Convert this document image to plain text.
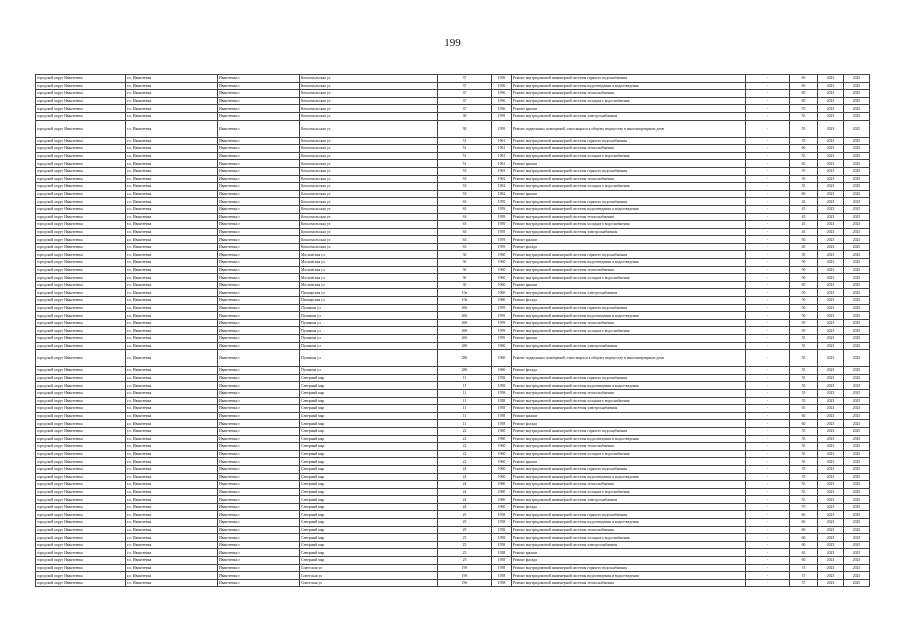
199
городской округ Ивантеевка	г.о. Ивантеевка	Ивантеевка г	Комсомольская ул	37	1956	Ремонт внутридомовой инженерной системы горячего водоснабжения	-	65	2023	2025
городской округ Ивантеевка	г.о. Ивантеевка	Ивантеевка г	Комсомольская ул	37	1956	Ремонт внутридомовой инженерной системы водоотведения и водоотведения	-	65	2023	2025
городской округ Ивантеевка	г.о. Ивантеевка	Ивантеевка г	Комсомольская ул	37	1956	Ремонт внутридомовой инженерной системы теплоснабжения	-	65	2023	2025
городской округ Ивантеевка	г.о. Ивантеевка	Ивантеевка г	Комсомольская ул	37	1956	Ремонт внутридомовой инженерной системы холодного водоснабжения	-	65	2023	2025
городской округ Ивантеевка	г.о. Ивантеевка	Ивантеевка г	Комсомольская ул	37	1956	Ремонт крыши	-	70	2023	2025
городской округ Ивантеевка	г.о. Ивантеевка	Ивантеевка г	Комсомольская ул	38	1959	Ремонт внутридомовой инженерной системы электроснабжения	-	55	2023	2025
городской округ Ивантеевка	г.о. Ивантеевка	Ивантеевка г	Комсомольская ул	38	1959	Ремонт подвальных помещений, относящихся к общему имуществу в многоквартирном доме	-	55	2023	2025
городской округ Ивантеевка	г.о. Ивантеевка	Ивантеевка г	Комсомольская ул	51	1961	Ремонт внутридомовой инженерной системы горячего водоснабжения	-	55	2023	2025
городской округ Ивантеевка	г.о. Ивантеевка	Ивантеевка г	Комсомольская ул	51	1961	Ремонт внутридомовой инженерной системы теплоснабжения	-	60	2023	2025
городской округ Ивантеевка	г.о. Ивантеевка	Ивантеевка г	Комсомольская ул	51	1961	Ремонт внутридомовой инженерной системы холодного водоснабжения	-	55	2023	2025
городской округ Ивантеевка	г.о. Ивантеевка	Ивантеевка г	Комсомольская ул	51	1961	Ремонт крыши	-	65	2023	2025
городской округ Ивантеевка	г.о. Ивантеевка	Ивантеевка г	Комсомольская ул	53	1962	Ремонт внутридомовой инженерной системы горячего водоснабжения	-	55	2023	2025
городской округ Ивантеевка	г.о. Ивантеевка	Ивантеевка г	Комсомольская ул	53	1962	Ремонт внутридомовой инженерной системы теплоснабжения	-	55	2023	2025
городской округ Ивантеевка	г.о. Ивантеевка	Ивантеевка г	Комсомольская ул	53	1962	Ремонт внутридомовой инженерной системы холодного водоснабжения	-	55	2023	2025
городской округ Ивантеевка	г.о. Ивантеевка	Ивантеевка г	Комсомольская ул	53	1962	Ремонт крыши	-	60	2023	2025
городской округ Ивантеевка	г.о. Ивантеевка	Ивантеевка г	Комсомольская ул	63	1959	Ремонт внутридомовой инженерной системы горячего водоснабжения	-	45	2023	2025
городской округ Ивантеевка	г.о. Ивантеевка	Ивантеевка г	Комсомольская ул	63	1959	Ремонт внутридомовой инженерной системы водоотведения и водоотведения	-	45	2023	2025
городской округ Ивантеевка	г.о. Ивантеевка	Ивантеевка г	Комсомольская ул	63	1959	Ремонт внутридомовой инженерной системы теплоснабжения	-	45	2023	2025
городской округ Ивантеевка	г.о. Ивантеевка	Ивантеевка г	Комсомольская ул	63	1959	Ремонт внутридомовой инженерной системы холодного водоснабжения	-	45	2023	2025
городской округ Ивантеевка	г.о. Ивантеевка	Ивантеевка г	Комсомольская ул	63	1959	Ремонт внутридомовой инженерной системы электроснабжения	-	45	2023	2025
городской округ Ивантеевка	г.о. Ивантеевка	Ивантеевка г	Комсомольская ул	63	1959	Ремонт крыши	-	50	2023	2025
городской округ Ивантеевка	г.о. Ивантеевка	Ивантеевка г	Комсомольская ул	63	1959	Ремонт фасада	-	65	2023	2025
городской округ Ивантеевка	г.о. Ивантеевка	Ивантеевка г	Московская ул	30	1960	Ремонт внутридомовой инженерной системы горячего водоснабжения	-	50	2023	2025
городской округ Ивантеевка	г.о. Ивантеевка	Ивантеевка г	Московская ул	30	1960	Ремонт внутридомовой инженерной системы водоотведения и водоотведения	-	50	2023	2025
городской округ Ивантеевка	г.о. Ивантеевка	Ивантеевка г	Московская ул	30	1960	Ремонт внутридомовой инженерной системы теплоснабжения	-	50	2023	2025
городской округ Ивантеевка	г.о. Ивантеевка	Ивантеевка г	Московская ул	30	1960	Ремонт внутридомовой инженерной системы холодного водоснабжения	-	50	2023	2025
городской округ Ивантеевка	г.о. Ивантеевка	Ивантеевка г	Московская ул	30	1960	Ремонт крыши	-	65	2023	2025
городской округ Ивантеевка	г.о. Ивантеевка	Ивантеевка г	Пионерская ул	10а	1960	Ремонт внутридомовой инженерной системы электроснабжения	-	50	2023	2025
городской округ Ивантеевка	г.о. Ивантеевка	Ивантеевка г	Пионерская ул	10а	1960	Ремонт фасада	-	50	2023	2025
городской округ Ивантеевка	г.о. Ивантеевка	Ивантеевка г	Пушкина ул	26б	1959	Ремонт внутридомовой инженерной системы горячего водоснабжения	-	50	2023	2025
городской округ Ивантеевка	г.о. Ивантеевка	Ивантеевка г	Пушкина ул	26б	1959	Ремонт внутридомовой инженерной системы водоотведения и водоотведения	-	50	2023	2025
городской округ Ивантеевка	г.о. Ивантеевка	Ивантеевка г	Пушкина ул	26б	1959	Ремонт внутридомовой инженерной системы теплоснабжения	-	50	2023	2025
городской округ Ивантеевка	г.о. Ивантеевка	Ивантеевка г	Пушкина ул	26б	1959	Ремонт внутридомовой инженерной системы холодного водоснабжения	-	50	2023	2025
городской округ Ивантеевка	г.о. Ивантеевка	Ивантеевка г	Пушкина ул	26б	1959	Ремонт крыши	-	55	2023	2025
городской округ Ивантеевка	г.о. Ивантеевка	Ивантеевка г	Пушкина ул	28б	1960	Ремонт внутридомовой инженерной системы электроснабжения	-	55	2023	2025
городской округ Ивантеевка	г.о. Ивантеевка	Ивантеевка г	Пушкина ул	28б	1960	Ремонт подвальных помещений, относящихся к общему имуществу в многоквартирном доме	-	55	2023	2025
городской округ Ивантеевка	г.о. Ивантеевка	Ивантеевка г	Пушкина ул	28б	1960	Ремонт фасада	-	55	2023	2025
городской округ Ивантеевка	г.о. Ивантеевка	Ивантеевка г	Северный мкр	11	1958	Ремонт внутридомовой инженерной системы горячего водоснабжения	-	55	2023	2025
городской округ Ивантеевка	г.о. Ивантеевка	Ивантеевка г	Северный мкр	11	1958	Ремонт внутридомовой инженерной системы водоотведения и водоотведения	-	55	2023	2025
городской округ Ивантеевка	г.о. Ивантеевка	Ивантеевка г	Северный мкр	11	1958	Ремонт внутридомовой инженерной системы теплоснабжения	-	55	2023	2025
городской округ Ивантеевка	г.о. Ивантеевка	Ивантеевка г	Северный мкр	11	1958	Ремонт внутридомовой инженерной системы холодного водоснабжения	-	55	2023	2025
городской округ Ивантеевка	г.о. Ивантеевка	Ивантеевка г	Северный мкр	11	1958	Ремонт внутридомовой инженерной системы электроснабжения	-	55	2023	2025
городской округ Ивантеевка	г.о. Ивантеевка	Ивантеевка г	Северный мкр	11	1958	Ремонт крыши	-	60	2023	2025
городской округ Ивантеевка	г.о. Ивантеевка	Ивантеевка г	Северный мкр	11	1958	Ремонт фасада	-	60	2023	2025
городской округ Ивантеевка	г.о. Ивантеевка	Ивантеевка г	Северный мкр	22	1960	Ремонт внутридомовой инженерной системы горячего водоснабжения	-	55	2023	2025
городской округ Ивантеевка	г.о. Ивантеевка	Ивантеевка г	Северный мкр	22	1960	Ремонт внутридомовой инженерной системы водоотведения и водоотведения	-	55	2023	2025
городской округ Ивантеевка	г.о. Ивантеевка	Ивантеевка г	Северный мкр	22	1960	Ремонт внутридомовой инженерной системы теплоснабжения	-	55	2023	2025
городской округ Ивантеевка	г.о. Ивантеевка	Ивантеевка г	Северный мкр	22	1960	Ремонт внутридомовой инженерной системы холодного водоснабжения	-	55	2023	2025
городской округ Ивантеевка	г.о. Ивантеевка	Ивантеевка г	Северный мкр	22	1960	Ремонт крыши	-	55	2023	2025
городской округ Ивантеевка	г.о. Ивантеевка	Ивантеевка г	Северный мкр	24	1960	Ремонт внутридомовой инженерной системы горячего водоснабжения	-	55	2023	2025
городской округ Ивантеевка	г.о. Ивантеевка	Ивантеевка г	Северный мкр	24	1960	Ремонт внутридомовой инженерной системы водоотведения и водоотведения	-	55	2023	2025
городской округ Ивантеевка	г.о. Ивантеевка	Ивантеевка г	Северный мкр	24	1960	Ремонт внутридомовой инженерной системы теплоснабжения	-	55	2023	2025
городской округ Ивантеевка	г.о. Ивантеевка	Ивантеевка г	Северный мкр	24	1960	Ремонт внутридомовой инженерной системы холодного водоснабжения	-	55	2023	2025
городской округ Ивантеевка	г.о. Ивантеевка	Ивантеевка г	Северный мкр	24	1960	Ремонт внутридомовой инженерной системы электроснабжения	-	55	2023	2025
городской округ Ивантеевка	г.о. Ивантеевка	Ивантеевка г	Северный мкр	24	1960	Ремонт фасада	-	70	2023	2025
городской округ Ивантеевка	г.о. Ивантеевка	Ивантеевка г	Северный мкр	25	1958	Ремонт внутридомовой инженерной системы горячего водоснабжения	-	60	2023	2025
городской округ Ивантеевка	г.о. Ивантеевка	Ивантеевка г	Северный мкр	25	1958	Ремонт внутридомовой инженерной системы водоотведения и водоотведения	-	60	2023	2025
городской округ Ивантеевка	г.о. Ивантеевка	Ивантеевка г	Северный мкр	25	1958	Ремонт внутридомовой инженерной системы теплоснабжения	-	60	2023	2025
городской округ Ивантеевка	г.о. Ивантеевка	Ивантеевка г	Северный мкр	25	1958	Ремонт внутридомовой инженерной системы холодного водоснабжения	-	60	2023	2025
городской округ Ивантеевка	г.о. Ивантеевка	Ивантеевка г	Северный мкр	25	1958	Ремонт внутридомовой инженерной системы электроснабжения	-	60	2023	2025
городской округ Ивантеевка	г.о. Ивантеевка	Ивантеевка г	Северный мкр	25	1958	Ремонт крыши	-	65	2023	2025
городской округ Ивантеевка	г.о. Ивантеевка	Ивантеевка г	Северный мкр	25	1958	Ремонт фасада	-	60	2023	2025
городской округ Ивантеевка	г.о. Ивантеевка	Ивантеевка г	Советская ул	19б	1958	Ремонт внутридомовой инженерной системы горячего водоснабжения	-	57	2023	2025
городской округ Ивантеевка	г.о. Ивантеевка	Ивантеевка г	Советская ул	19б	1958	Ремонт внутридомовой инженерной системы водоотведения и водоотведения	-	57	2023	2025
городской округ Ивантеевка	г.о. Ивантеевка	Ивантеевка г	Советская ул	19б	1958	Ремонт внутридомовой инженерной системы теплоснабжения	-	57	2023	2025
